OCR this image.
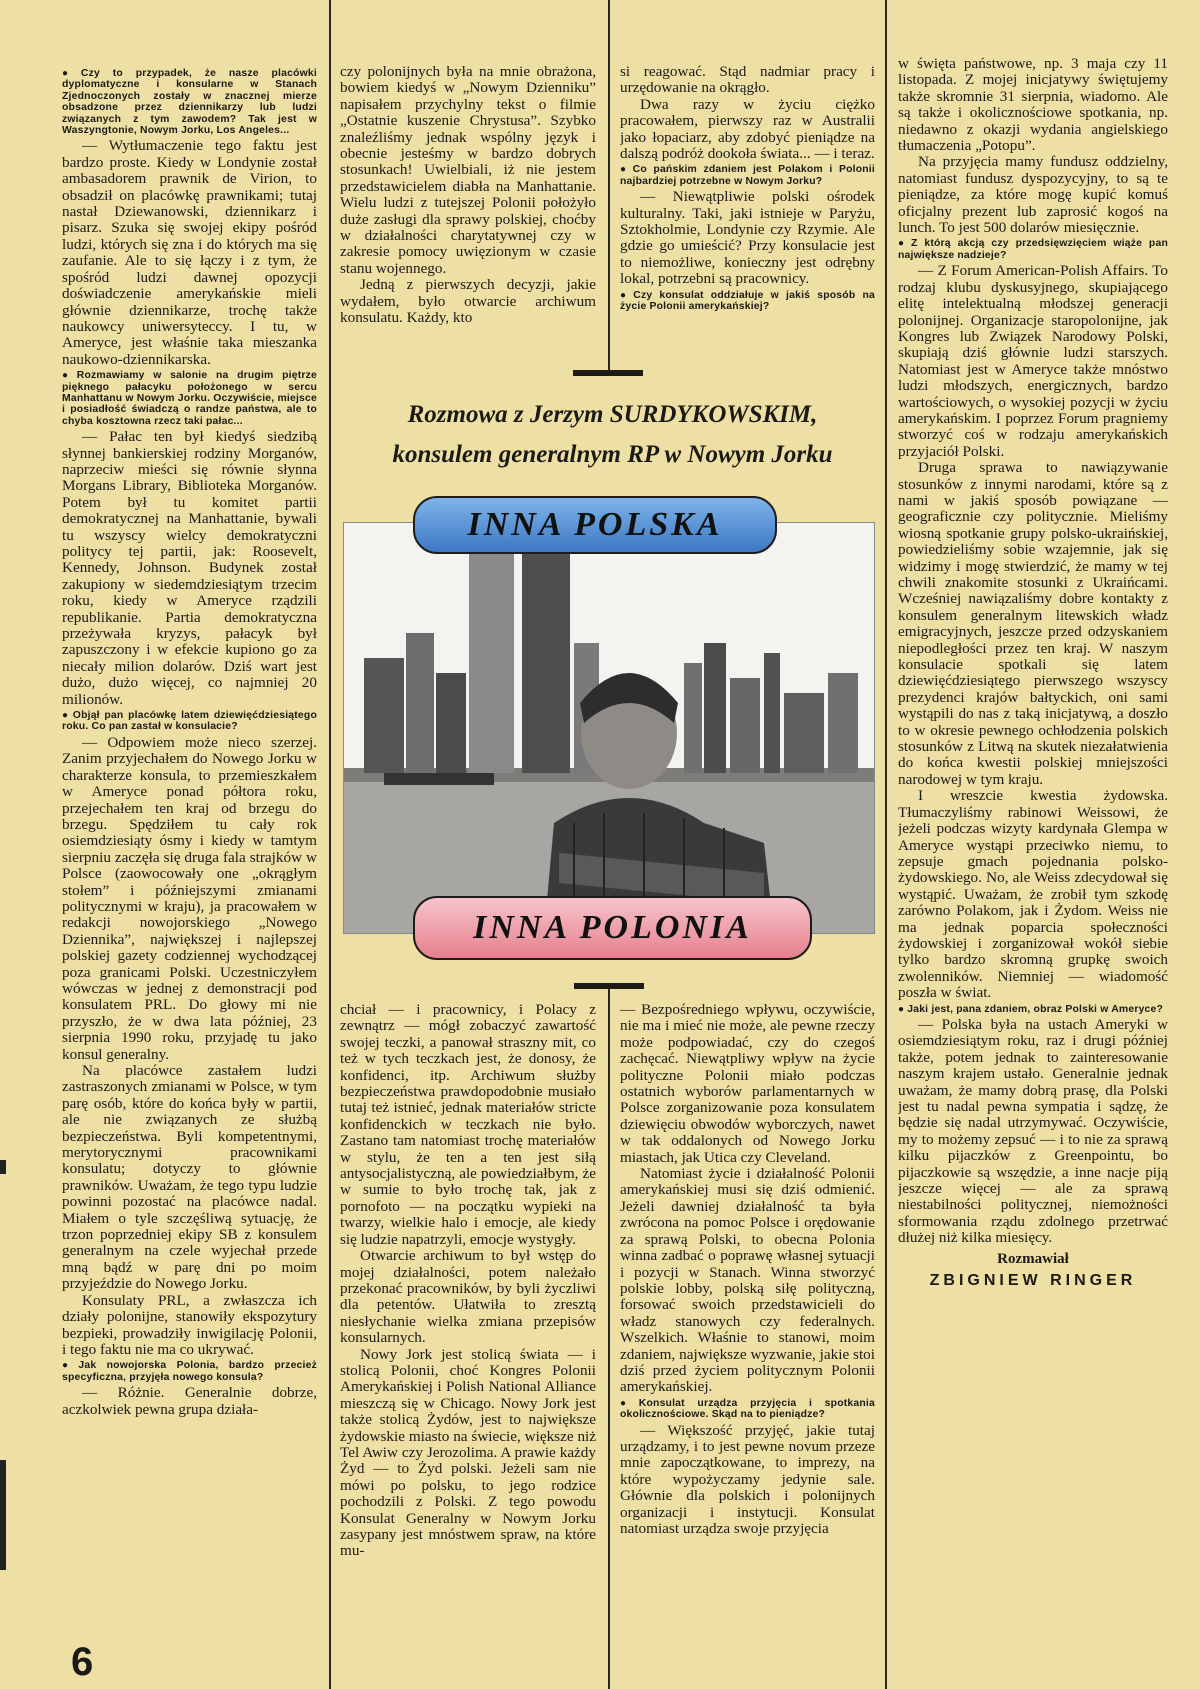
● Czy to przypadek, że nasze placówki dyplomatyczne i konsularne w Stanach Zjednoczonych zostały w znacznej mierze obsadzone przez dziennikarzy lub ludzi związanych z tym zawodem? Tak jest w Waszyngtonie, Nowym Jorku, Los Angeles...

— Wytłumaczenie tego faktu jest bardzo proste. Kiedy w Londynie został ambasadorem prawnik de Virion, to obsadził on placówkę prawnikami; tutaj nastał Dziewanowski, dziennikarz i pisarz. Szuka się swojej ekipy pośród ludzi, których się zna i do których ma się zaufanie. Ale to się łączy i z tym, że spośród ludzi dawnej opozycji doświadczenie amerykańskie mieli głównie dziennikarze, trochę także naukowcy uniwersyteccy. I tu, w Ameryce, jest właśnie taka mieszanka naukowo-dziennikarska.

● Rozmawiamy w salonie na drugim piętrze pięknego pałacyku położonego w sercu Manhattanu w Nowym Jorku. Oczywiście, miejsce i posiadłość świadczą o randze państwa, ale to chyba kosztowna rzecz taki pałac...

— Pałac ten był kiedyś siedzibą słynnej bankierskiej rodziny Morganów, naprzeciw mieści się równie słynna Morgans Library, Biblioteka Morganów. Potem był tu komitet partii demokratycznej na Manhattanie, bywali tu wszyscy wielcy demokratyczni politycy tej partii, jak: Roosevelt, Kennedy, Johnson. Budynek został zakupiony w siedemdziesiątym trzecim roku, kiedy w Ameryce rządzili republikanie. Partia demokratyczna przeżywała kryzys, pałacyk był zapuszczony i w efekcie kupiono go za niecały milion dolarów. Dziś wart jest dużo, dużo więcej, co najmniej 20 milionów.

● Objął pan placówkę latem dziewięćdziesiątego roku. Co pan zastał w konsulacie?

— Odpowiem może nieco szerzej. Zanim przyjechałem do Nowego Jorku w charakterze konsula, to przemieszkałem w Ameryce ponad półtora roku, przejechałem ten kraj od brzegu do brzegu. Spędziłem tu cały rok osiemdziesiąty ósmy i kiedy w tamtym sierpniu zaczęła się druga fala strajków w Polsce (zaowocowały one „okrągłym stołem” i późniejszymi zmianami politycznymi w kraju), ja pracowałem w redakcji nowojorskiego „Nowego Dziennika”, największej i najlepszej polskiej gazety codziennej wychodzącej poza granicami Polski. Uczestniczyłem wówczas w jednej z demonstracji pod konsulatem PRL. Do głowy mi nie przyszło, że w dwa lata później, 23 sierpnia 1990 roku, przyjadę tu jako konsul generalny.

Na placówce zastałem ludzi zastraszonych zmianami w Polsce, w tym parę osób, które do końca były w partii, ale nie związanych ze służbą bezpieczeństwa. Byli kompetentnymi, merytorycznymi pracownikami konsulatu; dotyczy to głównie prawników. Uważam, że tego typu ludzie powinni pozostać na placówce nadal. Miałem o tyle szczęśliwą sytuację, że trzon poprzedniej ekipy SB z konsulem generalnym na czele wyjechał przede mną bądź w parę dni po moim przyjeździe do Nowego Jorku.

Konsulaty PRL, a zwłaszcza ich działy polonijne, stanowiły ekspozytury bezpieki, prowadziły inwigilację Polonii, i tego faktu nie ma co ukrywać.

● Jak nowojorska Polonia, bardzo przecież specyficzna, przyjęła nowego konsula?

— Różnie. Generalnie dobrze, aczkolwiek pewna grupa działa-

czy polonijnych była na mnie obrażona, bowiem kiedyś w „Nowym Dzienniku” napisałem przychylny tekst o filmie „Ostatnie kuszenie Chrystusa”. Szybko znaleźliśmy jednak wspólny język i obecnie jesteśmy w bardzo dobrych stosunkach! Uwielbiali, iż nie jestem przedstawicielem diabła na Manhattanie. Wielu ludzi z tutejszej Polonii położyło duże zasługi dla sprawy polskiej, choćby w działalności charytatywnej czy w zakresie pomocy uwięzionym w czasie stanu wojennego.

Jedną z pierwszych decyzji, jakie wydałem, było otwarcie archiwum konsulatu. Każdy, kto

si reagować. Stąd nadmiar pracy i urzędowanie na okrągło.

Dwa razy w życiu ciężko pracowałem, pierwszy raz w Australii jako łopaciarz, aby zdobyć pieniądze na dalszą podróż dookoła świata... — i teraz.

● Co pańskim zdaniem jest Polakom i Polonii najbardziej potrzebne w Nowym Jorku?

— Niewątpliwie polski ośrodek kulturalny. Taki, jaki istnieje w Paryżu, Sztokholmie, Londynie czy Rzymie. Ale gdzie go umieścić? Przy konsulacie jest to niemożliwe, konieczny jest odrębny lokal, potrzebni są pracownicy.

● Czy konsulat oddziałuje w jakiś sposób na życie Polonii amerykańskiej?
Rozmowa z Jerzym SURDYKOWSKIM,
konsulem generalnym RP w Nowym Jorku
INNA POLSKA
INNA POLONIA

chciał — i pracownicy, i Polacy z zewnątrz — mógł zobaczyć zawartość swojej teczki, a panował straszny mit, co też w tych teczkach jest, że donosy, że konfidenci, itp. Archiwum służby bezpieczeństwa prawdopodobnie musiało tutaj też istnieć, jednak materiałów stricte konfidenckich w teczkach nie było. Zastano tam natomiast trochę materiałów w stylu, że ten a ten jest siłą antysocjalistyczną, ale powiedziałbym, że w sumie to było trochę tak, jak z pornofoto — na początku wypieki na twarzy, wielkie halo i emocje, ale kiedy się ludzie napatrzyli, emocje wystygły.

Otwarcie archiwum to był wstęp do mojej działalności, potem należało przekonać pracowników, by byli życzliwi dla petentów. Ułatwiła to zresztą niesłychanie wielka zmiana przepisów konsularnych.

Nowy Jork jest stolicą świata — i stolicą Polonii, choć Kongres Polonii Amerykańskiej i Polish National Alliance mieszczą się w Chicago. Nowy Jork jest także stolicą Żydów, jest to największe żydowskie miasto na świecie, większe niż Tel Awiw czy Jerozolima. A prawie każdy Żyd — to Żyd polski. Jeżeli sam nie mówi po polsku, to jego rodzice pochodzili z Polski. Z tego powodu Konsulat Generalny w Nowym Jorku zasypany jest mnóstwem spraw, na które mu-

— Bezpośredniego wpływu, oczywiście, nie ma i mieć nie może, ale pewne rzeczy może podpowiadać, czy do czegoś zachęcać. Niewątpliwy wpływ na życie polityczne Polonii miało podczas ostatnich wyborów parlamentarnych w Polsce zorganizowanie poza konsulatem dziewięciu obwodów wyborczych, nawet w tak oddalonych od Nowego Jorku miastach, jak Utica czy Cleveland.

Natomiast życie i działalność Polonii amerykańskiej musi się dziś odmienić. Jeżeli dawniej działalność ta była zwrócona na pomoc Polsce i orędowanie za sprawą Polski, to obecna Polonia winna zadbać o poprawę własnej sytuacji i pozycji w Stanach. Winna stworzyć polskie lobby, polską siłę polityczną, forsować swoich przedstawicieli do władz stanowych czy federalnych. Wszelkich. Właśnie to stanowi, moim zdaniem, największe wyzwanie, jakie stoi dziś przed życiem politycznym Polonii amerykańskiej.

● Konsulat urządza przyjęcia i spotkania okolicznościowe. Skąd na to pieniądze?

— Większość przyjęć, jakie tutaj urządzamy, i to jest pewne novum przeze mnie zapoczątkowane, to imprezy, na które wypożyczamy jedynie sale. Głównie dla polskich i polonijnych organizacji i instytucji. Konsulat natomiast urządza swoje przyjęcia

w święta państwowe, np. 3 maja czy 11 listopada. Z mojej inicjatywy świętujemy także skromnie 31 sierpnia, wiadomo. Ale są także i okolicznościowe spotkania, np. niedawno z okazji wydania angielskiego tłumaczenia „Potopu”.

Na przyjęcia mamy fundusz oddzielny, natomiast fundusz dyspozycyjny, to są te pieniądze, za które mogę kupić komuś oficjalny prezent lub zaprosić kogoś na lunch. To jest 500 dolarów miesięcznie.

● Z którą akcją czy przedsięwzięciem wiąże pan największe nadzieje?

— Z Forum American-Polish Affairs. To rodzaj klubu dyskusyjnego, skupiającego elitę intelektualną młodszej generacji polonijnej. Organizacje staropolonijne, jak Kongres lub Związek Narodowy Polski, skupiają dziś głównie ludzi starszych. Natomiast jest w Ameryce także mnóstwo ludzi młodszych, energicznych, bardzo wartościowych, o wysokiej pozycji w życiu amerykańskim. I poprzez Forum pragniemy stworzyć coś w rodzaju amerykańskich przyjaciół Polski.

Druga sprawa to nawiązywanie stosunków z innymi narodami, które są z nami w jakiś sposób powiązane — geograficznie czy politycznie. Mieliśmy wiosną spotkanie grupy polsko-ukraińskiej, powiedzieliśmy sobie wzajemnie, jak się widzimy i mogę stwierdzić, że mamy w tej chwili znakomite stosunki z Ukraińcami. Wcześniej nawiązaliśmy dobre kontakty z konsulem generalnym litewskich władz emigracyjnych, jeszcze przed odzyskaniem niepodległości przez ten kraj. W naszym konsulacie spotkali się latem dziewięćdziesiątego pierwszego wszyscy prezydenci krajów bałtyckich, oni sami wystąpili do nas z taką inicjatywą, a doszło to w okresie pewnego ochłodzenia polskich stosunków z Litwą na skutek niezałatwienia do końca kwestii polskiej mniejszości narodowej w tym kraju.

I wreszcie kwestia żydowska. Tłumaczyliśmy rabinowi Weissowi, że jeżeli podczas wizyty kardynała Glempa w Ameryce wystąpi przeciwko niemu, to zepsuje gmach pojednania polsko-żydowskiego. No, ale Weiss zdecydował się wystąpić. Uważam, że zrobił tym szkodę zarówno Polakom, jak i Żydom. Weiss nie ma jednak poparcia społeczności żydowskiej i zorganizował wokół siebie tylko bardzo skromną grupkę swoich zwolenników. Niemniej — wiadomość poszła w świat.

● Jaki jest, pana zdaniem, obraz Polski w Ameryce?

— Polska była na ustach Ameryki w osiemdziesiątym roku, raz i drugi później także, potem jednak to zainteresowanie naszym krajem ustało. Generalnie jednak uważam, że mamy dobrą prasę, dla Polski jest tu nadal pewna sympatia i sądzę, że będzie się nadal utrzymywać. Oczywiście, my to możemy zepsuć — i to nie za sprawą kilku pijaczków z Greenpointu, bo pijaczkowie są wszędzie, a inne nacje piją jeszcze więcej — ale za sprawą niestabilności politycznej, niemożności sformowania rządu zdolnego przetrwać dłużej niż kilka miesięcy.

Rozmawiał
ZBIGNIEW RINGER
6
